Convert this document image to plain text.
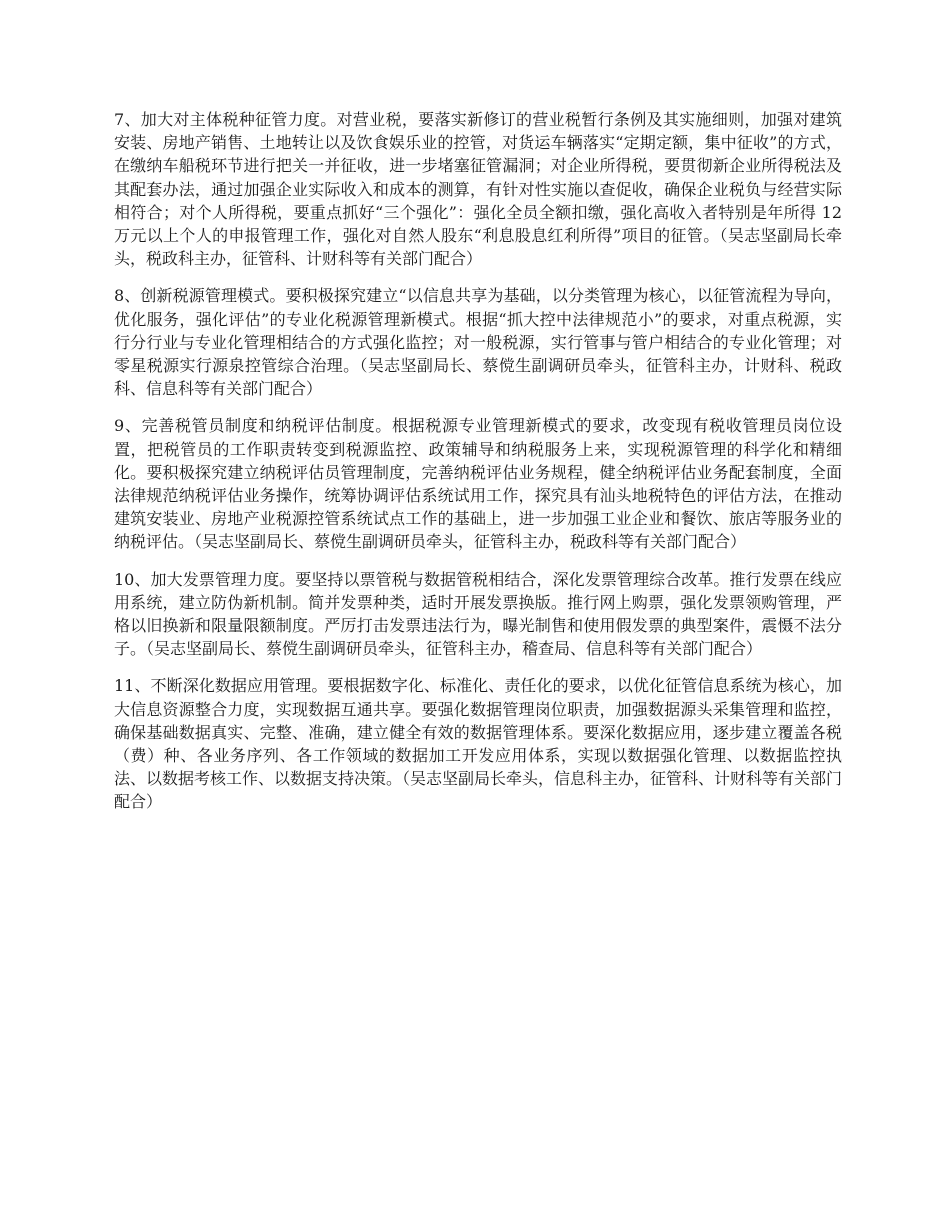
7、加大对主体税种征管力度。对营业税，要落实新修订的营业税暂行条例及其实施细则，加强对建筑安装、房地产销售、土地转让以及饮食娱乐业的控管，对货运车辆落实“定期定额，集中征收”的方式，在缴纳车船税环节进行把关一并征收，进一步堵塞征管漏洞；对企业所得税，要贯彻新企业所得税法及其配套办法，通过加强企业实际收入和成本的测算，有针对性实施以查促收，确保企业税负与经营实际相符合；对个人所得税，要重点抓好“三个强化”：强化全员全额扣缴，强化高收入者特别是年所得 12 万元以上个人的申报管理工作，强化对自然人股东“利息股息红利所得”项目的征管。（吴志坚副局长牵头，税政科主办，征管科、计财科等有关部门配合）

8、创新税源管理模式。要积极探究建立“以信息共享为基础，以分类管理为核心，以征管流程为导向，优化服务，强化评估”的专业化税源管理新模式。根据“抓大控中法律规范小”的要求，对重点税源，实行分行业与专业化管理相结合的方式强化监控；对一般税源，实行管事与管户相结合的专业化管理；对零星税源实行源泉控管综合治理。（吴志坚副局长、蔡傥生副调研员牵头，征管科主办，计财科、税政科、信息科等有关部门配合）

9、完善税管员制度和纳税评估制度。根据税源专业管理新模式的要求，改变现有税收管理员岗位设置，把税管员的工作职责转变到税源监控、政策辅导和纳税服务上来，实现税源管理的科学化和精细化。要积极探究建立纳税评估员管理制度，完善纳税评估业务规程，健全纳税评估业务配套制度，全面法律规范纳税评估业务操作，统筹协调评估系统试用工作，探究具有汕头地税特色的评估方法，在推动建筑安装业、房地产业税源控管系统试点工作的基础上，进一步加强工业企业和餐饮、旅店等服务业的纳税评估。（吴志坚副局长、蔡傥生副调研员牵头，征管科主办，税政科等有关部门配合）

10、加大发票管理力度。要坚持以票管税与数据管税相结合，深化发票管理综合改革。推行发票在线应用系统，建立防伪新机制。简并发票种类，适时开展发票换版。推行网上购票，强化发票领购管理，严格以旧换新和限量限额制度。严厉打击发票违法行为，曝光制售和使用假发票的典型案件，震慑不法分子。（吴志坚副局长、蔡傥生副调研员牵头，征管科主办，稽查局、信息科等有关部门配合）

11、不断深化数据应用管理。要根据数字化、标准化、责任化的要求，以优化征管信息系统为核心，加大信息资源整合力度，实现数据互通共享。要强化数据管理岗位职责，加强数据源头采集管理和监控，确保基础数据真实、完整、准确，建立健全有效的数据管理体系。要深化数据应用，逐步建立覆盖各税（费）种、各业务序列、各工作领域的数据加工开发应用体系，实现以数据强化管理、以数据监控执法、以数据考核工作、以数据支持决策。（吴志坚副局长牵头，信息科主办，征管科、计财科等有关部门配合）
